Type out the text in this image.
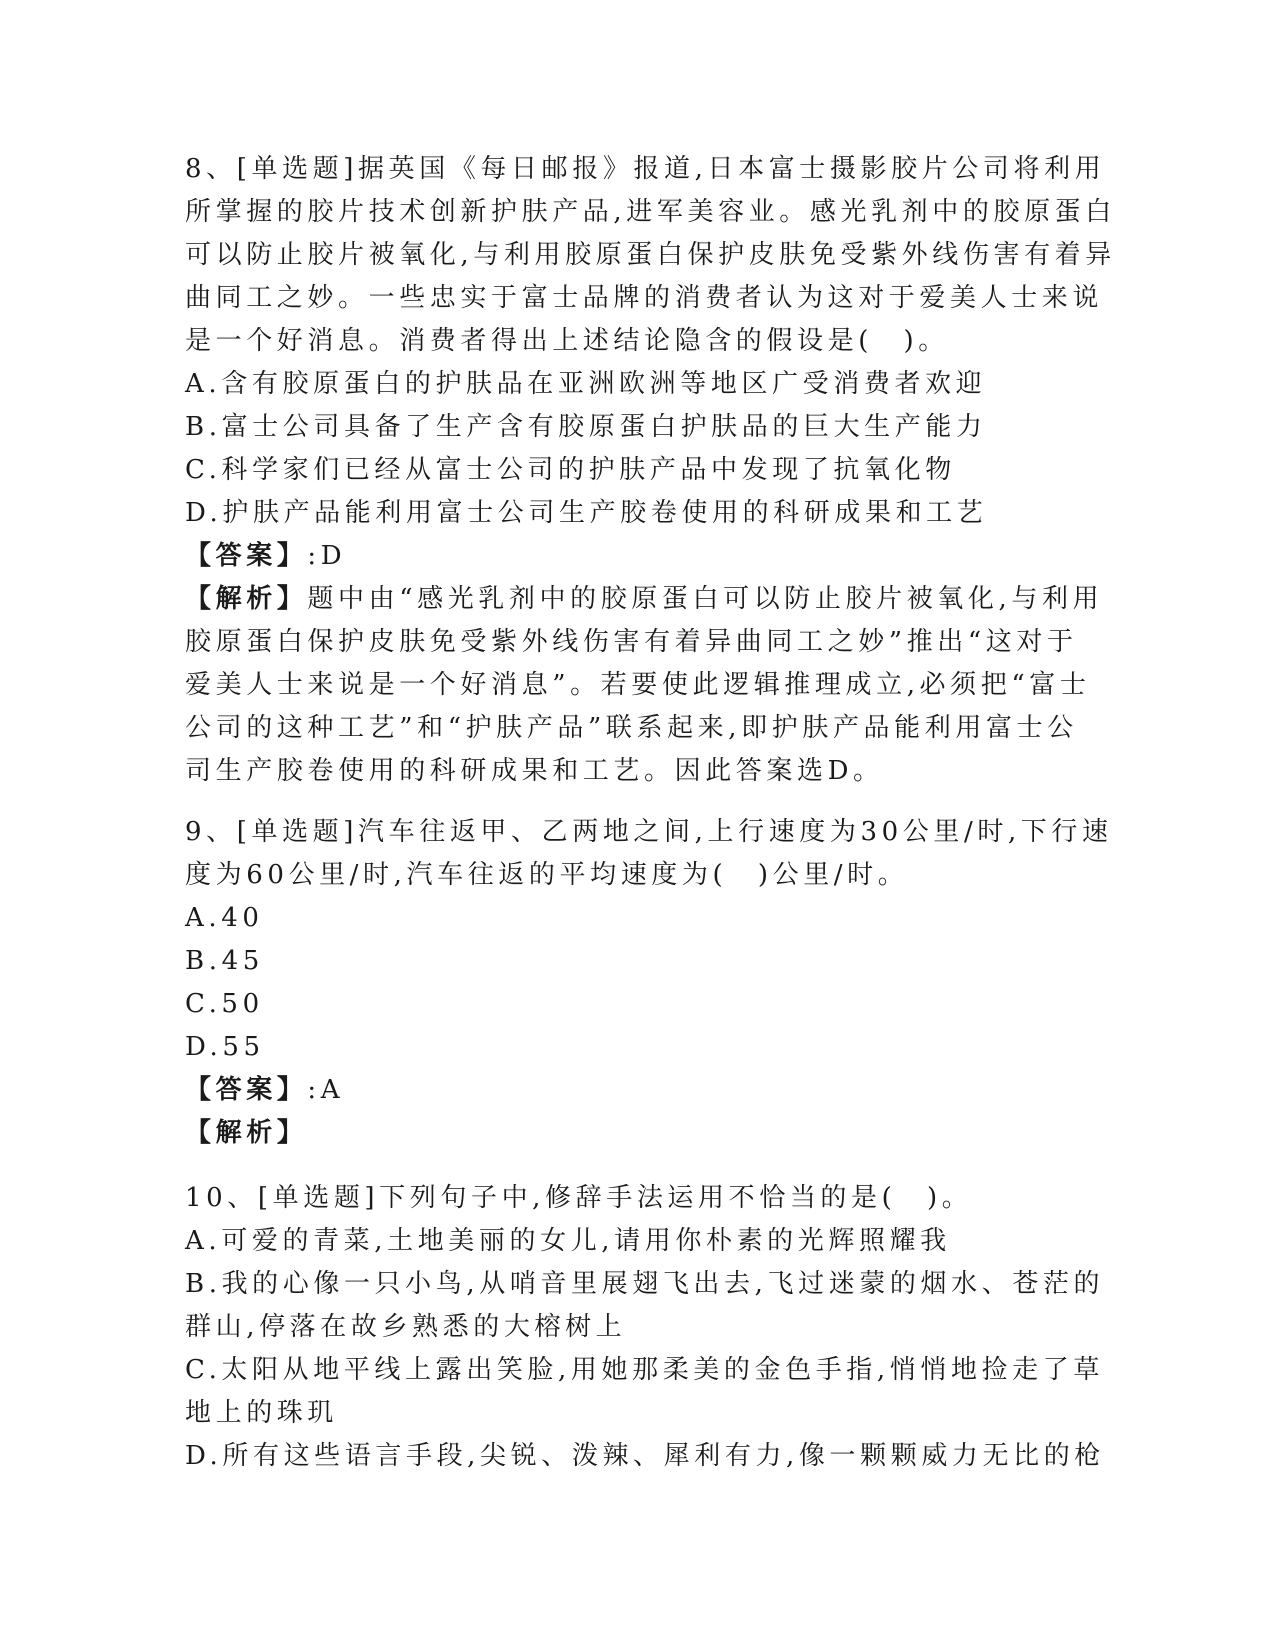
8、[单选题]据英国《每日邮报》报道,日本富士摄影胶片公司将利用
所掌握的胶片技术创新护肤产品,进军美容业。感光乳剂中的胶原蛋白
可以防止胶片被氧化,与利用胶原蛋白保护皮肤免受紫外线伤害有着异
曲同工之妙。一些忠实于富士品牌的消费者认为这对于爱美人士来说
是一个好消息。消费者得出上述结论隐含的假设是(　)。
A.含有胶原蛋白的护肤品在亚洲欧洲等地区广受消费者欢迎
B.富士公司具备了生产含有胶原蛋白护肤品的巨大生产能力
C.科学家们已经从富士公司的护肤产品中发现了抗氧化物
D.护肤产品能利用富士公司生产胶卷使用的科研成果和工艺
【答案】:D
【解析】题中由“感光乳剂中的胶原蛋白可以防止胶片被氧化,与利用
胶原蛋白保护皮肤免受紫外线伤害有着异曲同工之妙”推出“这对于
爱美人士来说是一个好消息”。若要使此逻辑推理成立,必须把“富士
公司的这种工艺”和“护肤产品”联系起来,即护肤产品能利用富士公
司生产胶卷使用的科研成果和工艺。因此答案选D。
9、[单选题]汽车往返甲、乙两地之间,上行速度为30公里/时,下行速
度为60公里/时,汽车往返的平均速度为(　)公里/时。
A.40
B.45
C.50
D.55
【答案】:A
【解析】
10、[单选题]下列句子中,修辞手法运用不恰当的是(　)。
A.可爱的青菜,土地美丽的女儿,请用你朴素的光辉照耀我
B.我的心像一只小鸟,从哨音里展翅飞出去,飞过迷蒙的烟水、苍茫的
群山,停落在故乡熟悉的大榕树上
C.太阳从地平线上露出笑脸,用她那柔美的金色手指,悄悄地捡走了草
地上的珠玑
D.所有这些语言手段,尖锐、泼辣、犀利有力,像一颗颗威力无比的枪
